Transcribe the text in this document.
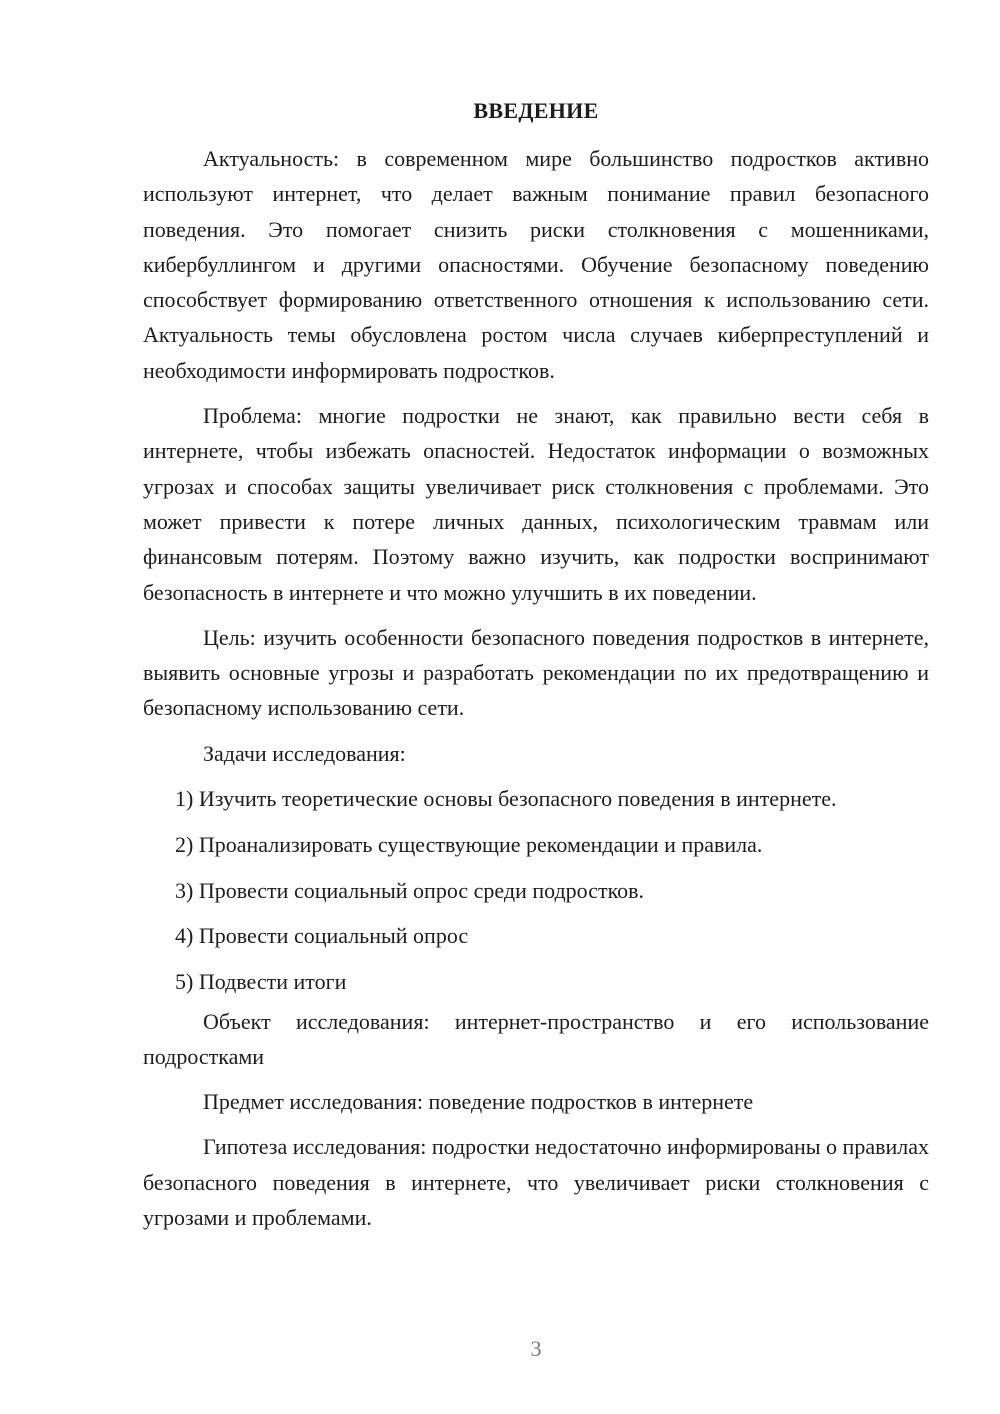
ВВЕДЕНИЕ

Актуальность: в современном мире большинство подростков активно используют интернет, что делает важным понимание правил безопасного поведения. Это помогает снизить риски столкновения с мошенниками, кибербуллингом и другими опасностями. Обучение безопасному поведению способствует формированию ответственного отношения к использованию сети. Актуальность темы обусловлена ростом числа случаев киберпреступлений и необходимости информировать подростков.

Проблема: многие подростки не знают, как правильно вести себя в интернете, чтобы избежать опасностей. Недостаток информации о возможных угрозах и способах защиты увеличивает риск столкновения с проблемами. Это может привести к потере личных данных, психологическим травмам или финансовым потерям. Поэтому важно изучить, как подростки воспринимают безопасность в интернете и что можно улучшить в их поведении.

Цель: изучить особенности безопасного поведения подростков в интернете, выявить основные угрозы и разработать рекомендации по их предотвращению и безопасному использованию сети.

Задачи исследования:

1) Изучить теоретические основы безопасного поведения в интернете.
2) Проанализировать существующие рекомендации и правила.
3) Провести социальный опрос среди подростков.
4) Провести социальный опрос
5) Подвести итоги

Объект исследования: интернет-пространство и его использование подростками

Предмет исследования: поведение подростков в интернете

Гипотеза исследования: подростки недостаточно информированы о правилах безопасного поведения в интернете, что увеличивает риски столкновения с угрозами и проблемами.

3
